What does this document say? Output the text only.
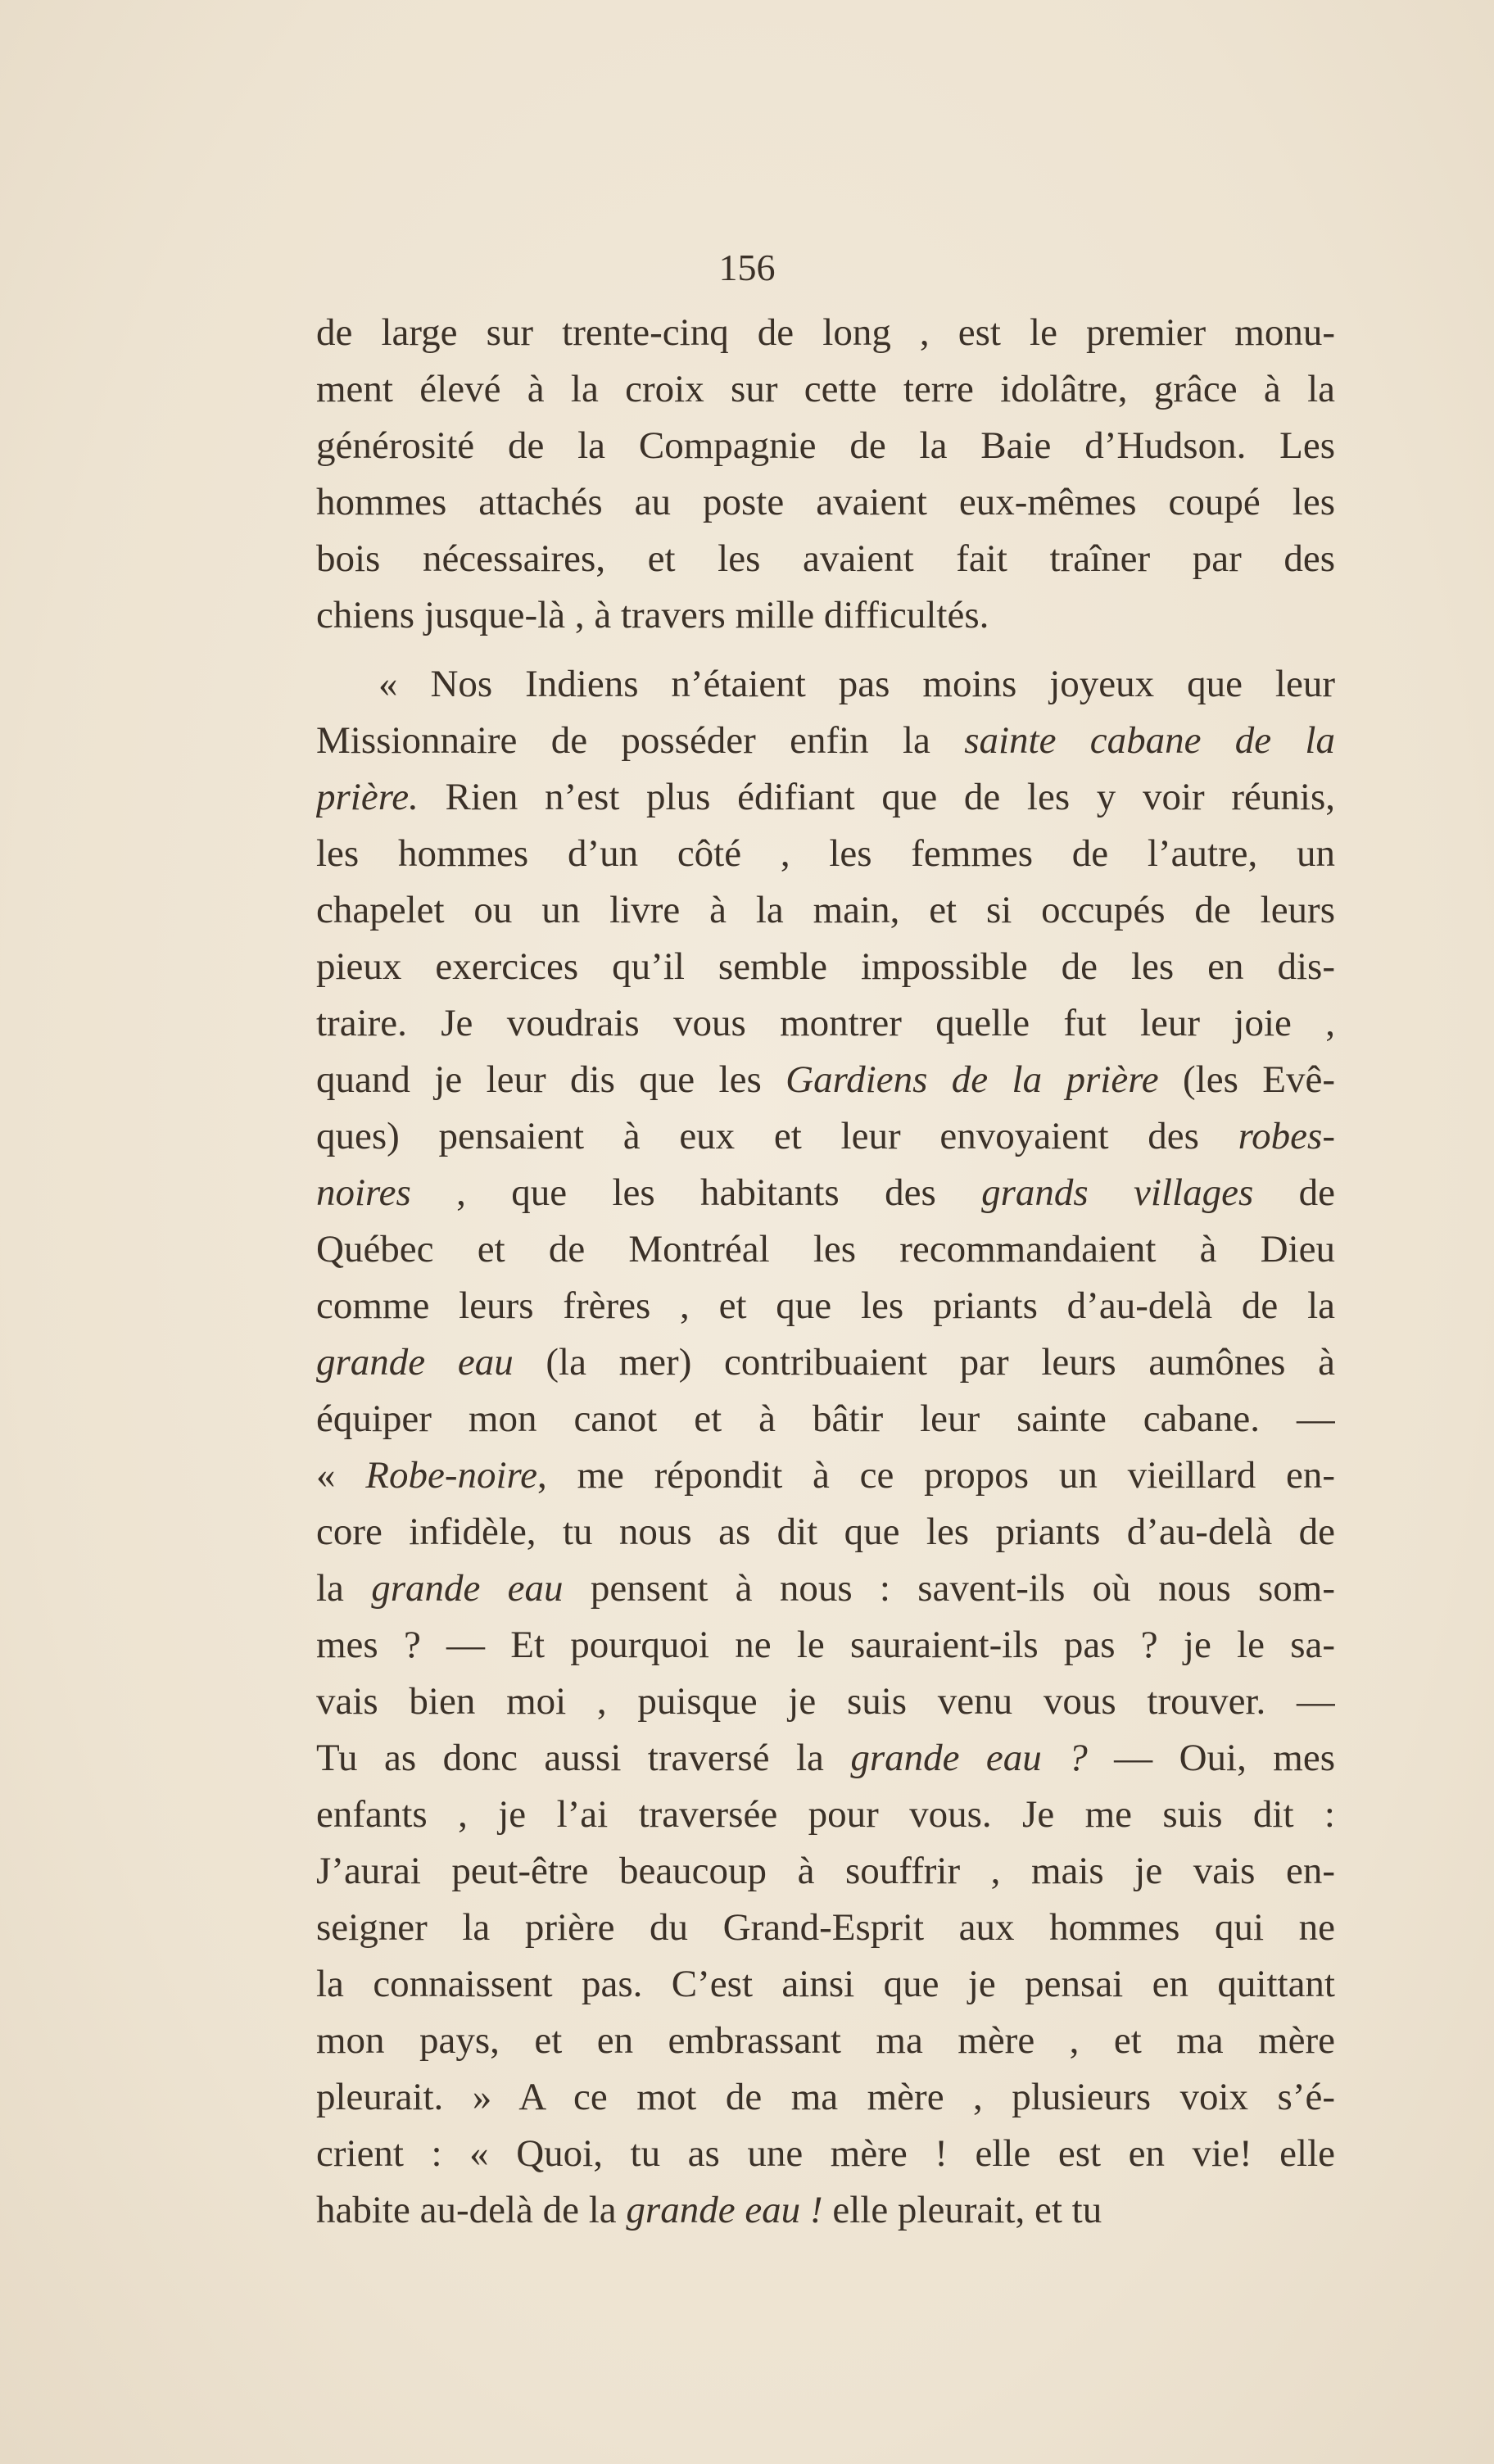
156
de large sur trente-cinq de long , est le premier monu-
ment élevé à la croix sur cette terre idolâtre, grâce à la
générosité de la Compagnie de la Baie d’Hudson. Les
hommes attachés au poste avaient eux-mêmes coupé les
bois nécessaires, et les avaient fait traîner par des
chiens jusque-là , à travers mille difficultés.
« Nos Indiens n’étaient pas moins joyeux que leur
Missionnaire de posséder enfin la sainte cabane de la
prière. Rien n’est plus édifiant que de les y voir réunis,
les hommes d’un côté , les femmes de l’autre, un
chapelet ou un livre à la main, et si occupés de leurs
pieux exercices qu’il semble impossible de les en dis-
traire. Je voudrais vous montrer quelle fut leur joie ,
quand je leur dis que les Gardiens de la prière (les Evê-
ques) pensaient à eux et leur envoyaient des robes-
noires , que les habitants des grands villages de
Québec et de Montréal les recommandaient à Dieu
comme leurs frères , et que les priants d’au-delà de la
grande eau (la mer) contribuaient par leurs aumônes à
équiper mon canot et à bâtir leur sainte cabane. —
« Robe-noire, me répondit à ce propos un vieillard en-
core infidèle, tu nous as dit que les priants d’au-delà de
la grande eau pensent à nous : savent-ils où nous som-
mes ? — Et pourquoi ne le sauraient-ils pas ? je le sa-
vais bien moi , puisque je suis venu vous trouver. —
Tu as donc aussi traversé la grande eau ? — Oui, mes
enfants , je l’ai traversée pour vous. Je me suis dit :
J’aurai peut-être beaucoup à souffrir , mais je vais en-
seigner la prière du Grand-Esprit aux hommes qui ne
la connaissent pas. C’est ainsi que je pensai en quittant
mon pays, et en embrassant ma mère , et ma mère
pleurait. » A ce mot de ma mère , plusieurs voix s’é-
crient : « Quoi, tu as une mère ! elle est en vie! elle
habite au-delà de la grande eau ! elle pleurait, et tu
